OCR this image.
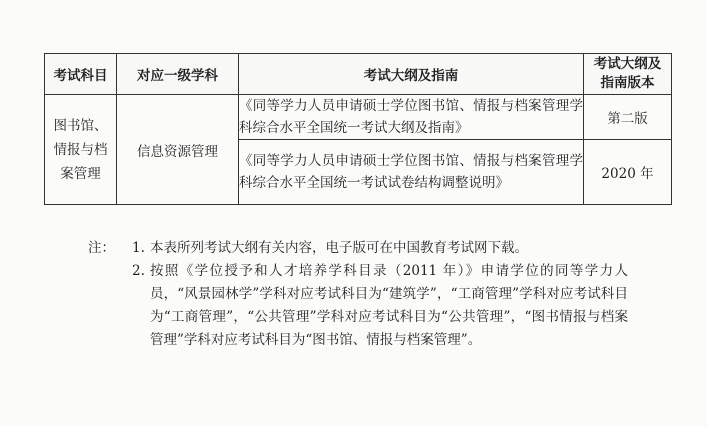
考试科目	对应一级学科	考试大纲及指南	考试大纲及
指南版本

图书馆、
情报与档
案管理	信息资源管理	《同等学力人员申请硕士学位图书馆、情报与档案管理学科综合水平全国统一考试大纲及指南》	第二版
		《同等学力人员申请硕士学位图书馆、情报与档案管理学科综合水平全国统一考试试卷结构调整说明》	2020 年
注： 1. 本表所列考试大纲有关内容，电子版可在中国教育考试网下载。
2. 按照《学位授予和人才培养学科目录（2011 年）》申请学位的同等学力人员，“风景园林学”学科对应考试科目为“建筑学”，“工商管理”学科对应考试科目为“工商管理”，“公共管理”学科对应考试科目为“公共管理”，“图书情报与档案管理”学科对应考试科目为“图书馆、情报与档案管理”。
